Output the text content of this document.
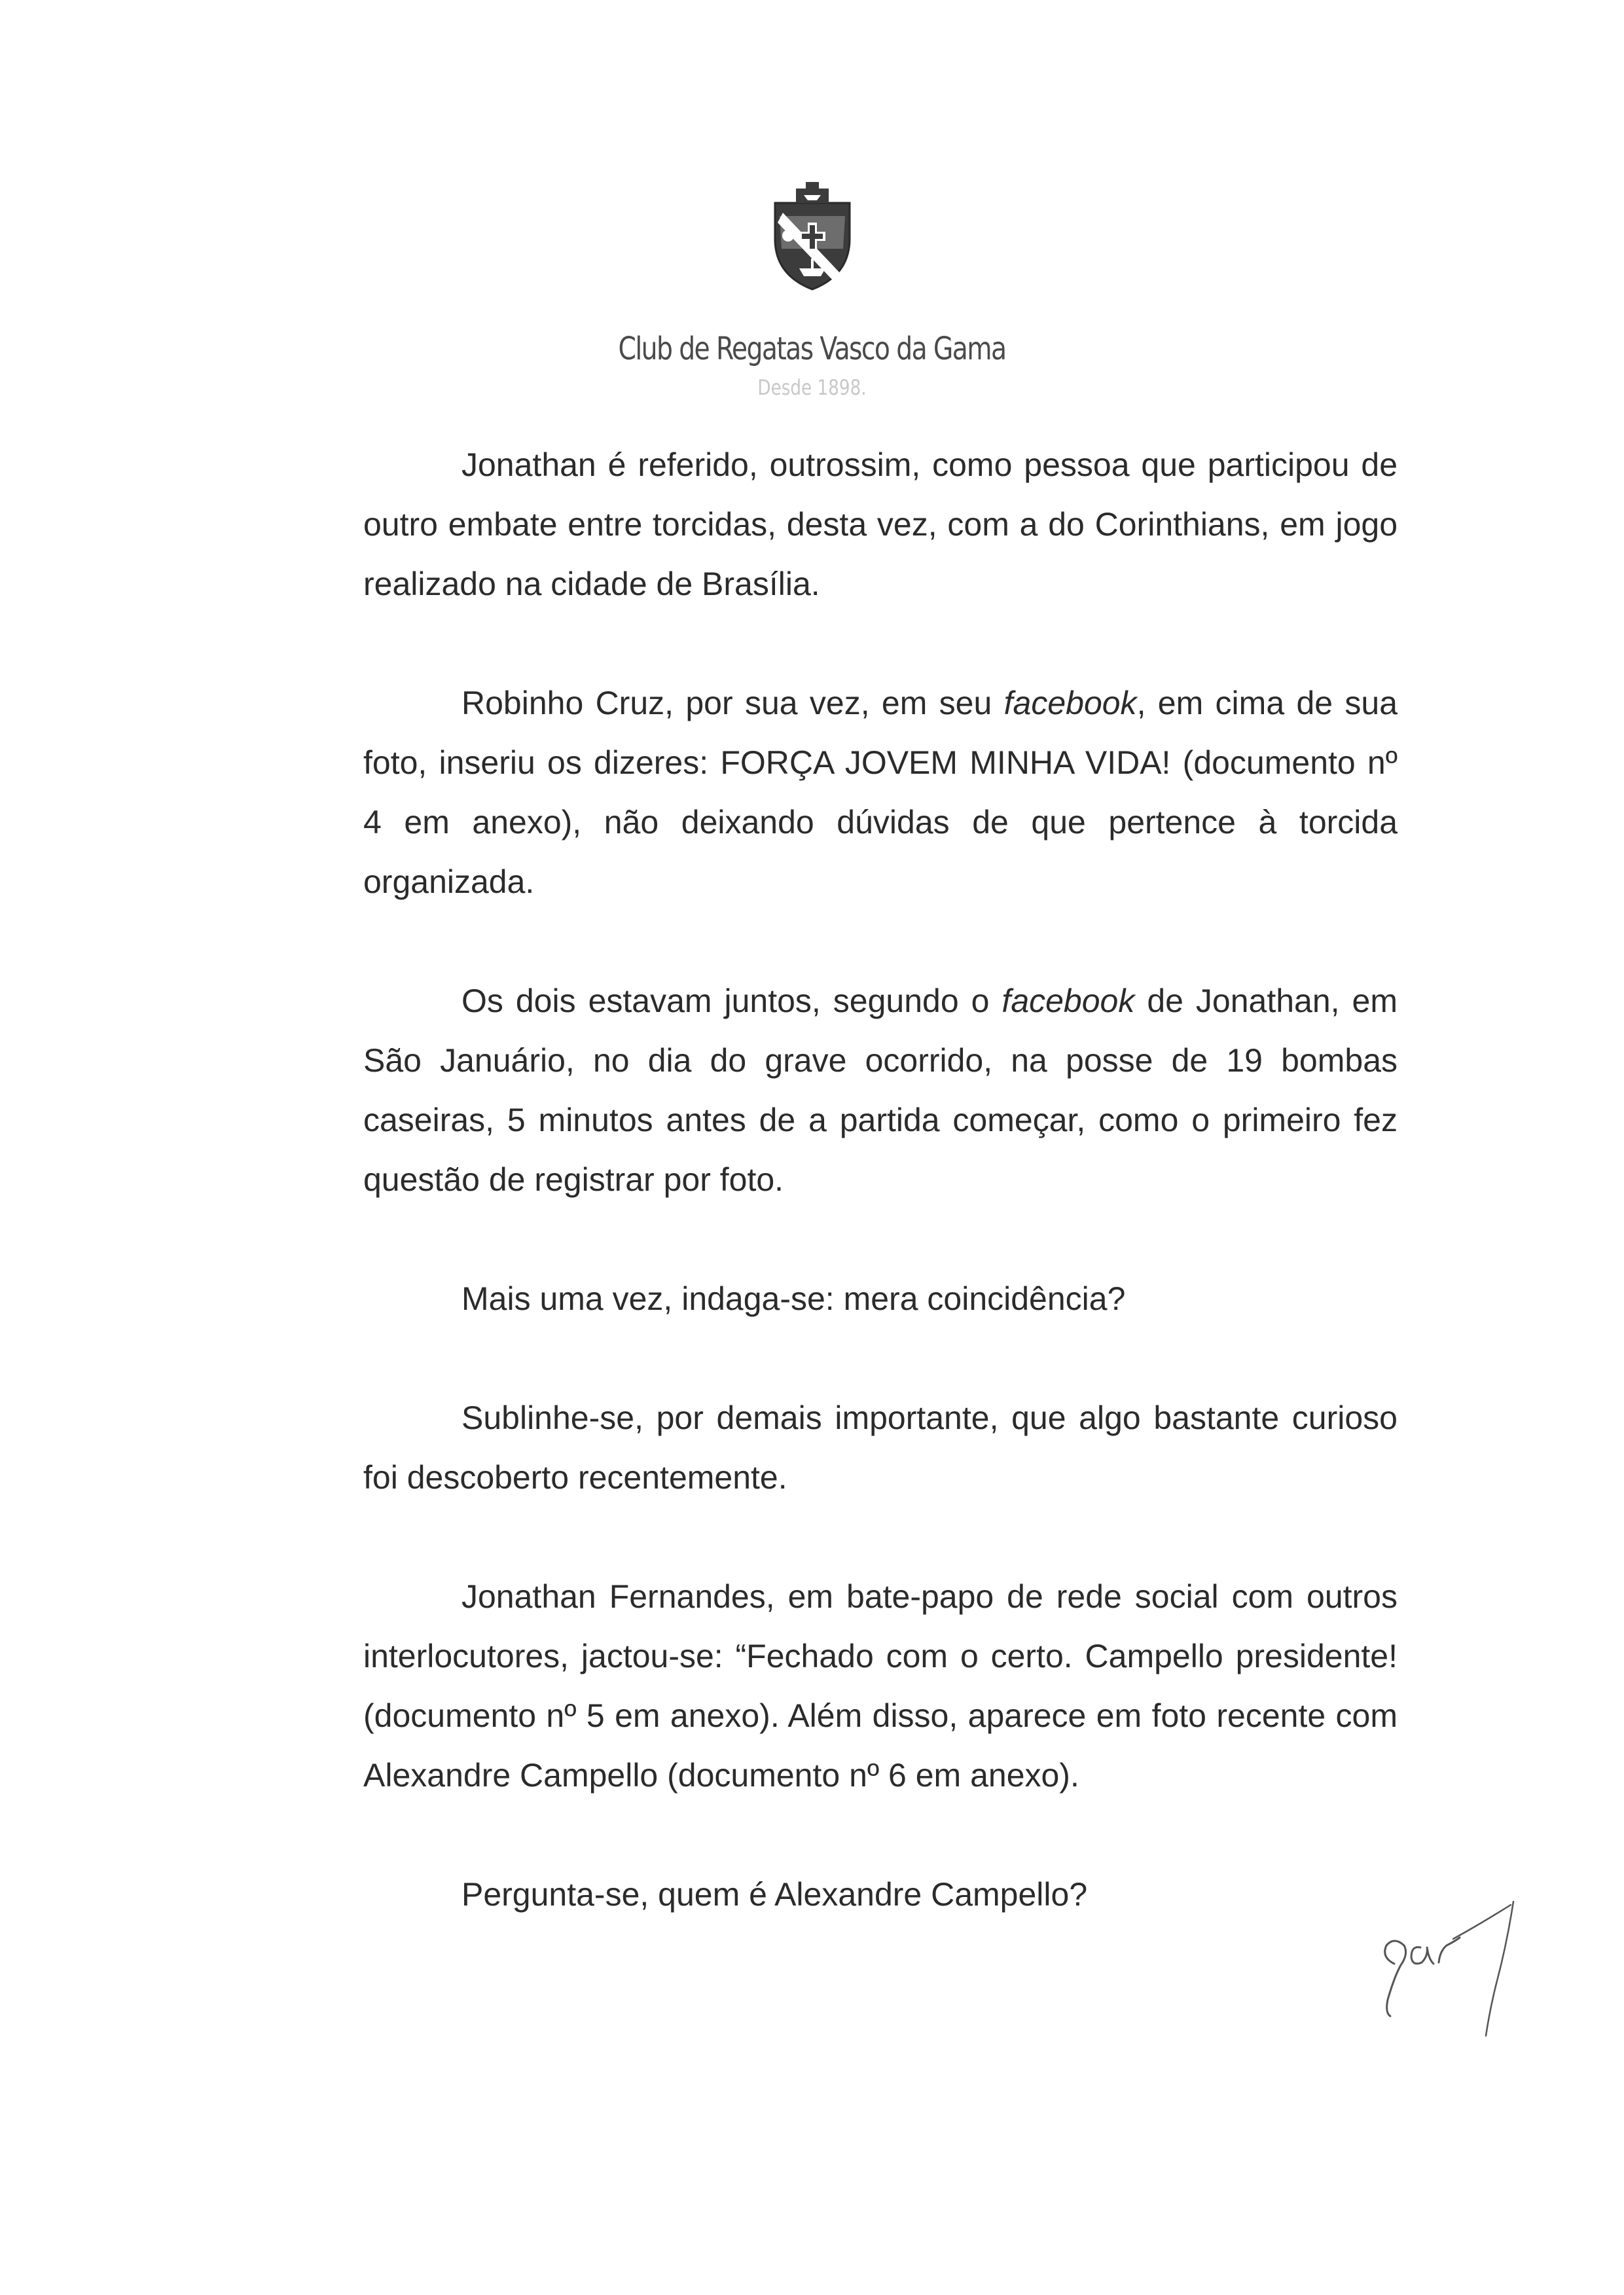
Club de Regatas Vasco da Gama
Desde 1898.

Jonathan é referido, outrossim, como pessoa que participou de outro embate entre torcidas, desta vez, com a do Corinthians, em jogo realizado na cidade de Brasília.

Robinho Cruz, por sua vez, em seu facebook, em cima de sua foto, inseriu os dizeres: FORÇA JOVEM MINHA VIDA! (documento nº 4 em anexo), não deixando dúvidas de que pertence à torcida organizada.

Os dois estavam juntos, segundo o facebook de Jonathan, em São Januário, no dia do grave ocorrido, na posse de 19 bombas caseiras, 5 minutos antes de a partida começar, como o primeiro fez questão de registrar por foto.

Mais uma vez, indaga-se: mera coincidência?

Sublinhe-se, por demais importante, que algo bastante curioso foi descoberto recentemente.

Jonathan Fernandes, em bate-papo de rede social com outros interlocutores, jactou-se: “Fechado com o certo. Campello presidente! (documento nº 5 em anexo). Além disso, aparece em foto recente com Alexandre Campello (documento nº 6 em anexo).

Pergunta-se, quem é Alexandre Campello?
